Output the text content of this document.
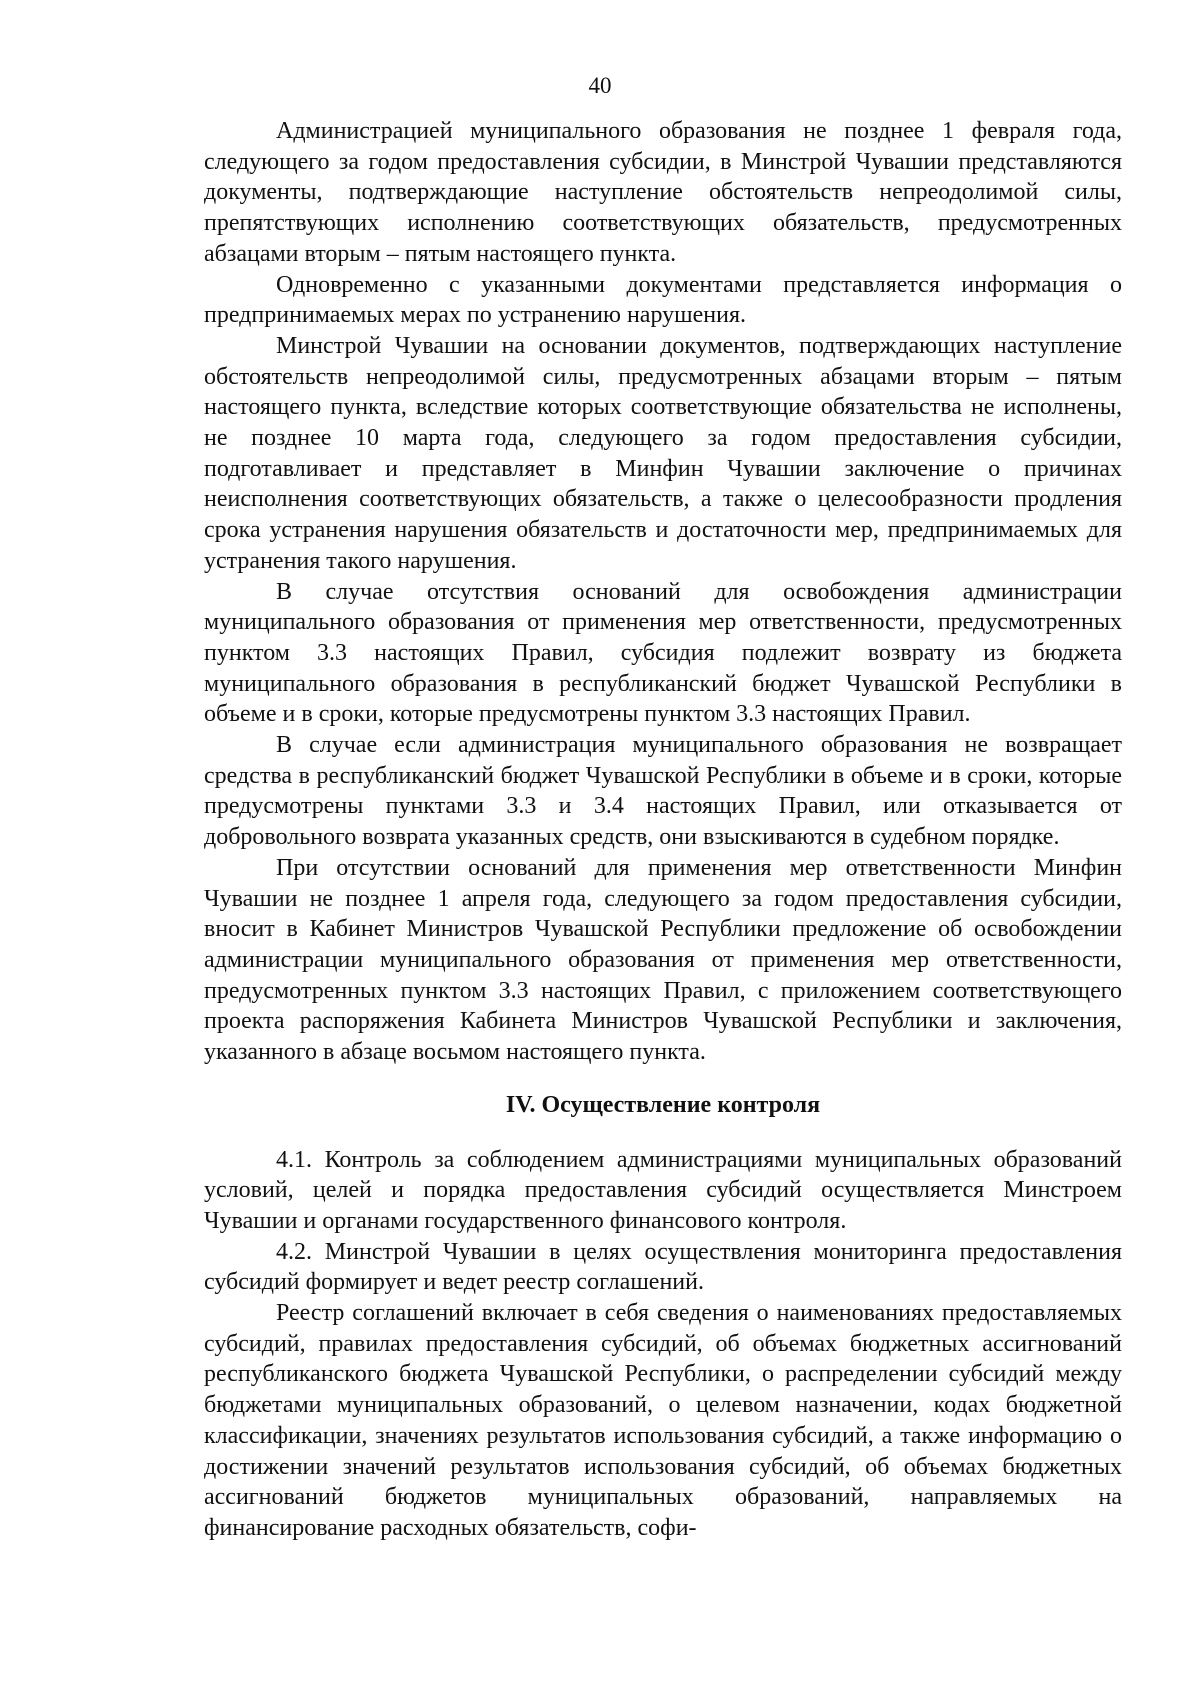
40

Администрацией муниципального образования не позднее 1 февраля года, следующего за годом предоставления субсидии, в Минстрой Чувашии представляются документы, подтверждающие наступление обстоятельств непреодолимой силы, препятствующих исполнению соответствующих обязательств, предусмотренных абзацами вторым – пятым настоящего пункта.

Одновременно с указанными документами представляется информация о предпринимаемых мерах по устранению нарушения.

Минстрой Чувашии на основании документов, подтверждающих наступление обстоятельств непреодолимой силы, предусмотренных абзацами вторым – пятым настоящего пункта, вследствие которых соответствующие обязательства не исполнены, не позднее 10 марта года, следующего за годом предоставления субсидии, подготавливает и представляет в Минфин Чувашии заключение о причинах неисполнения соответствующих обязательств, а также о целесообразности продления срока устранения нарушения обязательств и достаточности мер, предпринимаемых для устранения такого нарушения.

В случае отсутствия оснований для освобождения администрации муниципального образования от применения мер ответственности, предусмотренных пунктом 3.3 настоящих Правил, субсидия подлежит возврату из бюджета муниципального образования в республиканский бюджет Чувашской Республики в объеме и в сроки, которые предусмотрены пунктом 3.3 настоящих Правил.

В случае если администрация муниципального образования не возвращает средства в республиканский бюджет Чувашской Республики в объеме и в сроки, которые предусмотрены пунктами 3.3 и 3.4 настоящих Правил, или отказывается от добровольного возврата указанных средств, они взыскиваются в судебном порядке.

При отсутствии оснований для применения мер ответственности Минфин Чувашии не позднее 1 апреля года, следующего за годом предоставления субсидии, вносит в Кабинет Министров Чувашской Республики предложение об освобождении администрации муниципального образования от применения мер ответственности, предусмотренных пунктом 3.3 настоящих Правил, с приложением соответствующего проекта распоряжения Кабинета Министров Чувашской Республики и заключения, указанного в абзаце восьмом настоящего пункта.

IV. Осуществление контроля

4.1. Контроль за соблюдением администрациями муниципальных образований условий, целей и порядка предоставления субсидий осуществляется Минстроем Чувашии и органами государственного финансового контроля.

4.2. Минстрой Чувашии в целях осуществления мониторинга предоставления субсидий формирует и ведет реестр соглашений.

Реестр соглашений включает в себя сведения о наименованиях предоставляемых субсидий, правилах предоставления субсидий, об объемах бюджетных ассигнований республиканского бюджета Чувашской Республики, о распределении субсидий между бюджетами муниципальных образований, о целевом назначении, кодах бюджетной классификации, значениях результатов использования субсидий, а также информацию о достижении значений результатов использования субсидий, об объемах бюджетных ассигнований бюджетов муниципальных образований, направляемых на финансирование расходных обязательств, софи-
